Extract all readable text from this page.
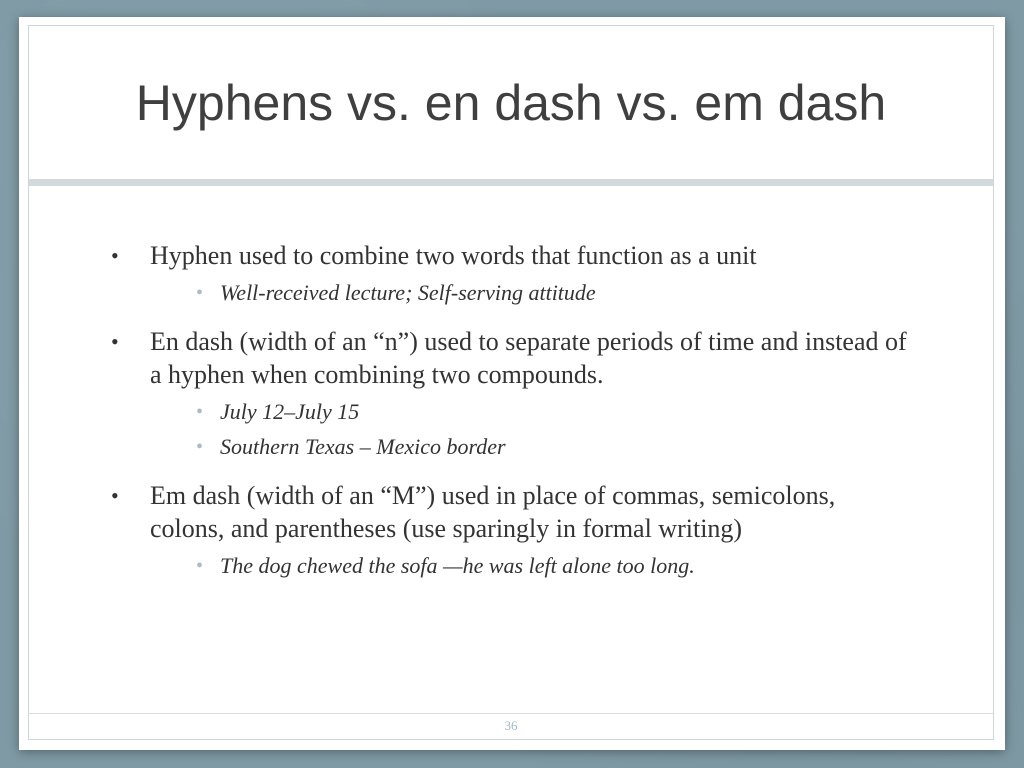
Hyphens vs. en dash vs. em dash
• Hyphen used to combine two words that function as a unit
• Well-received lecture; Self-serving attitude
• En dash (width of an “n”) used to separate periods of time and instead of a hyphen when combining two compounds.
• July 12–July 15
• Southern Texas – Mexico border
• Em dash (width of an “M”) used in place of commas, semicolons, colons, and parentheses (use sparingly in formal writing)
• The dog chewed the sofa —he was left alone too long.
36
